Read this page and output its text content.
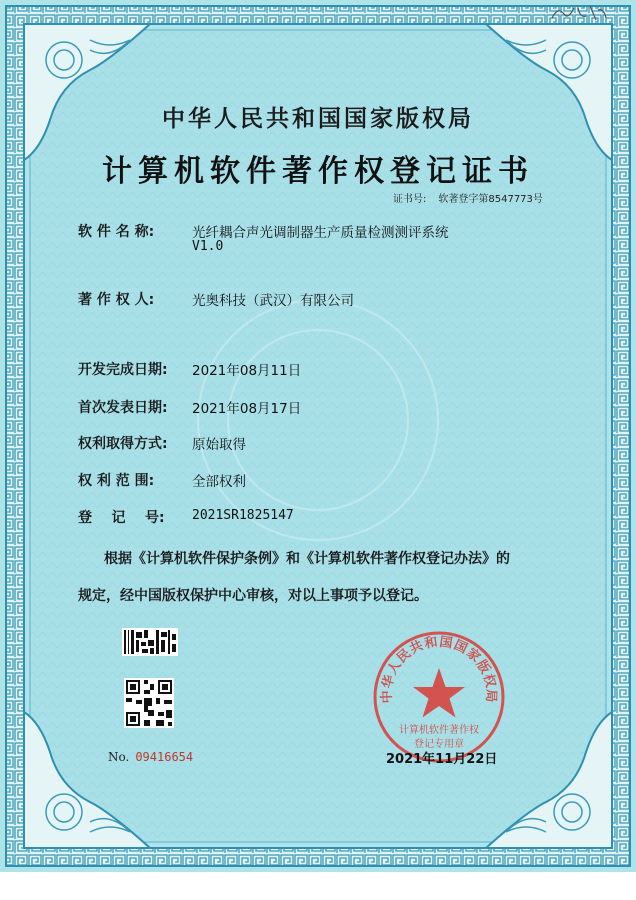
中华人民共和国国家版权局
计算机软件著作权登记证书
证书号: 软著登字第8547773号
软 件 名 称:	光纤耦合声光调制器生产质量检测测评系统
V1.0
著 作 权 人:	光奥科技（武汉）有限公司
开发完成日期: 2021年08月11日
首次发表日期: 2021年08月17日
权利取得方式: 原始取得
权 利 范 围:	全部权利
登    记    号: 2021SR1825147
根据《计算机软件保护条例》和《计算机软件著作权登记办法》的
规定，经中国版权保护中心审核，对以上事项予以登记。
No. 09416654
中华人民共和国国家版权局
计算机软件著作权
登记专用章
2021年11月22日
